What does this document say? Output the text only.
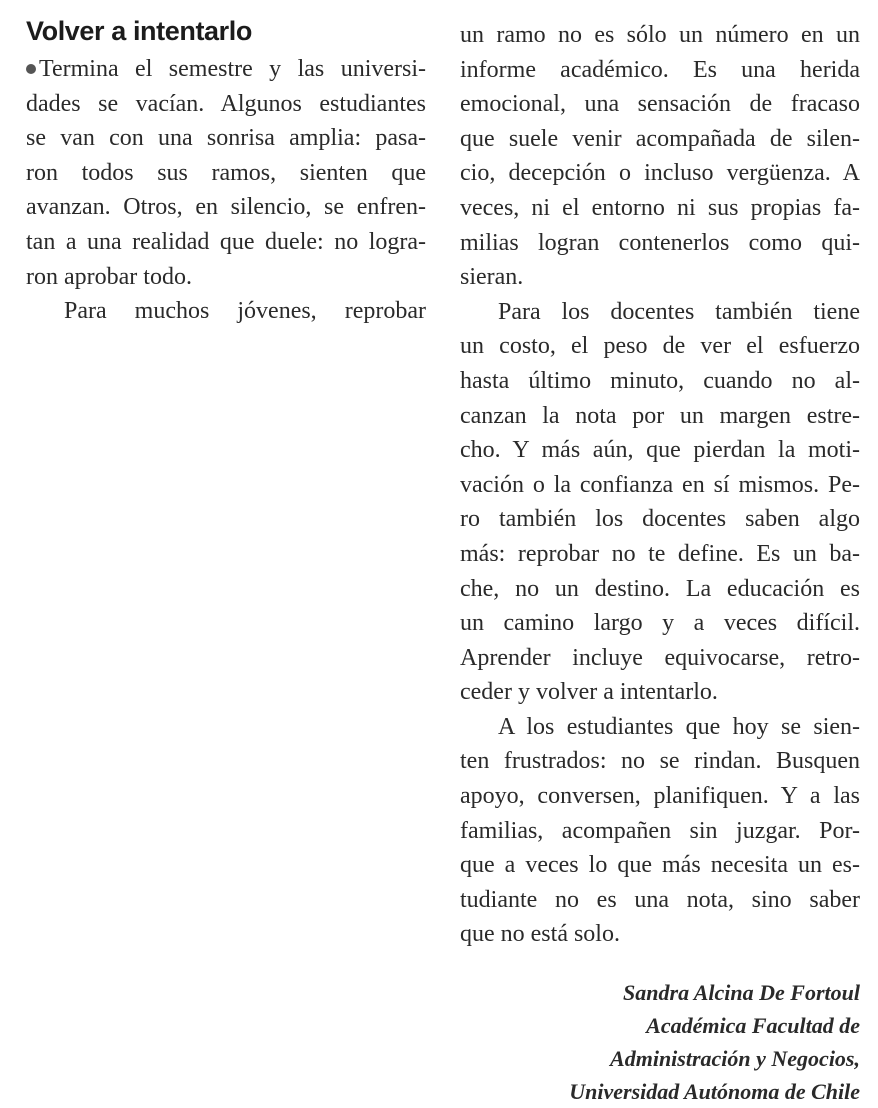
Volver a intentarlo
Termina el semestre y las universi-
dades se vacían. Algunos estudiantes
se van con una sonrisa amplia: pasa-
ron todos sus ramos, sienten que
avanzan. Otros, en silencio, se enfren-
tan a una realidad que duele: no logra-
ron aprobar todo.
Para muchos jóvenes, reprobar
un ramo no es sólo un número en un
informe académico. Es una herida
emocional, una sensación de fracaso
que suele venir acompañada de silen-
cio, decepción o incluso vergüenza. A
veces, ni el entorno ni sus propias fa-
milias logran contenerlos como qui-
sieran.
Para los docentes también tiene
un costo, el peso de ver el esfuerzo
hasta último minuto, cuando no al-
canzan la nota por un margen estre-
cho. Y más aún, que pierdan la moti-
vación o la confianza en sí mismos. Pe-
ro también los docentes saben algo
más: reprobar no te define. Es un ba-
che, no un destino. La educación es
un camino largo y a veces difícil.
Aprender incluye equivocarse, retro-
ceder y volver a intentarlo.
A los estudiantes que hoy se sien-
ten frustrados: no se rindan. Busquen
apoyo, conversen, planifiquen. Y a las
familias, acompañen sin juzgar. Por-
que a veces lo que más necesita un es-
tudiante no es una nota, sino saber
que no está solo.
Sandra Alcina De Fortoul
Académica Facultad de
Administración y Negocios,
Universidad Autónoma de Chile
